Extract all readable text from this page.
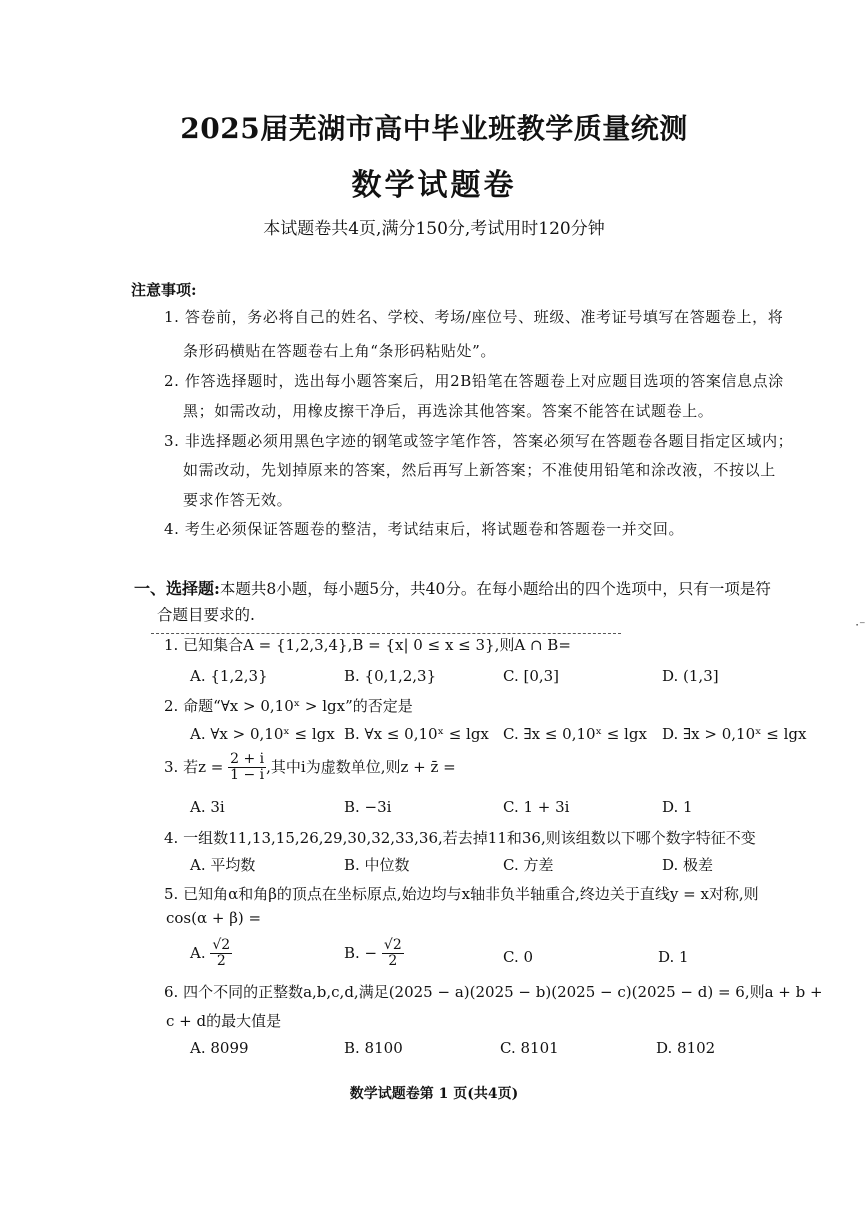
2025届芜湖市高中毕业班教学质量统测
数学试题卷
本试题卷共4页,满分150分,考试用时120分钟
注意事项:
1. 答卷前，务必将自己的姓名、学校、考场/座位号、班级、准考证号填写在答题卷上，将
条形码横贴在答题卷右上角“条形码粘贴处”。
2. 作答选择题时，选出每小题答案后，用2B铅笔在答题卷上对应题目选项的答案信息点涂
黑；如需改动，用橡皮擦干净后，再选涂其他答案。答案不能答在试题卷上。
3. 非选择题必须用黑色字迹的钢笔或签字笔作答，答案必须写在答题卷各题目指定区域内；
如需改动，先划掉原来的答案，然后再写上新答案；不准使用铅笔和涂改液，不按以上
要求作答无效。
4. 考生必须保证答题卷的整洁，考试结束后，将试题卷和答题卷一并交回。
一、选择题:本题共8小题，每小题5分，共40分。在每小题给出的四个选项中，只有一项是符
合题目要求的.
⋅⁻
1. 已知集合A = {1,2,3,4},B = {x| 0 ≤ x ≤ 3},则A ∩ B=
A. {1,2,3}	B. {0,1,2,3}	C. [0,3]	D. (1,3]
2. 命题“∀x > 0,10ˣ > lgx”的否定是
A. ∀x > 0,10ˣ ≤ lgx B. ∀x ≤ 0,10ˣ ≤ lgx C. ∃x ≤ 0,10ˣ ≤ lgx D. ∃x > 0,10ˣ ≤ lgx
3. 若$z = \frac{2 + i}{1 - i}$ ,其中i为虚数单位,则z + z̄ =
A. 3i	B. −3i	C. 1 + 3i	D. 1
4. 一组数11,13,15,26,29,30,32,33,36,若去掉11和36,则该组数以下哪个数字特征不变
A. 平均数	B. 中位数	C. 方差	D. 极差
5. 已知角α和角β的顶点在坐标原点,始边均与x轴非负半轴重合,终边关于直线y = x对称,则
cos(α + β) =
A. $\frac{√2}{2}$	B. − $\frac{√2}{2}$	C. 0	D. 1
6. 四个不同的正整数a,b,c,d,满足(2025 − a)(2025 − b)(2025 − c)(2025 − d) = 6,则a + b +
c + d的最大值是
A. 8099	B. 8100	C. 8101	D. 8102
数学试题卷第 1 页(共4页)
